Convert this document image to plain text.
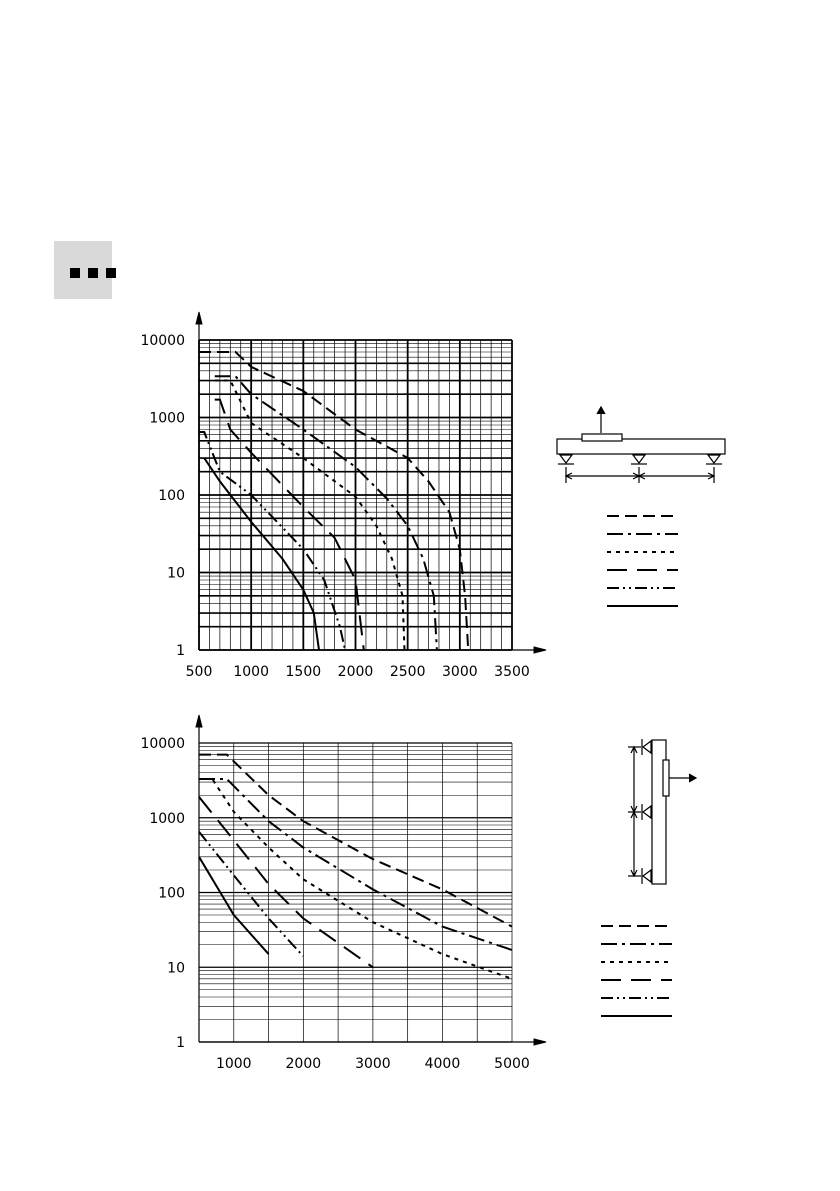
1
10
100
1000
10000
500 1000 1500 2000 2500 3000 3500
1
10
100
1000
10000
1000 2000 3000 4000 5000
